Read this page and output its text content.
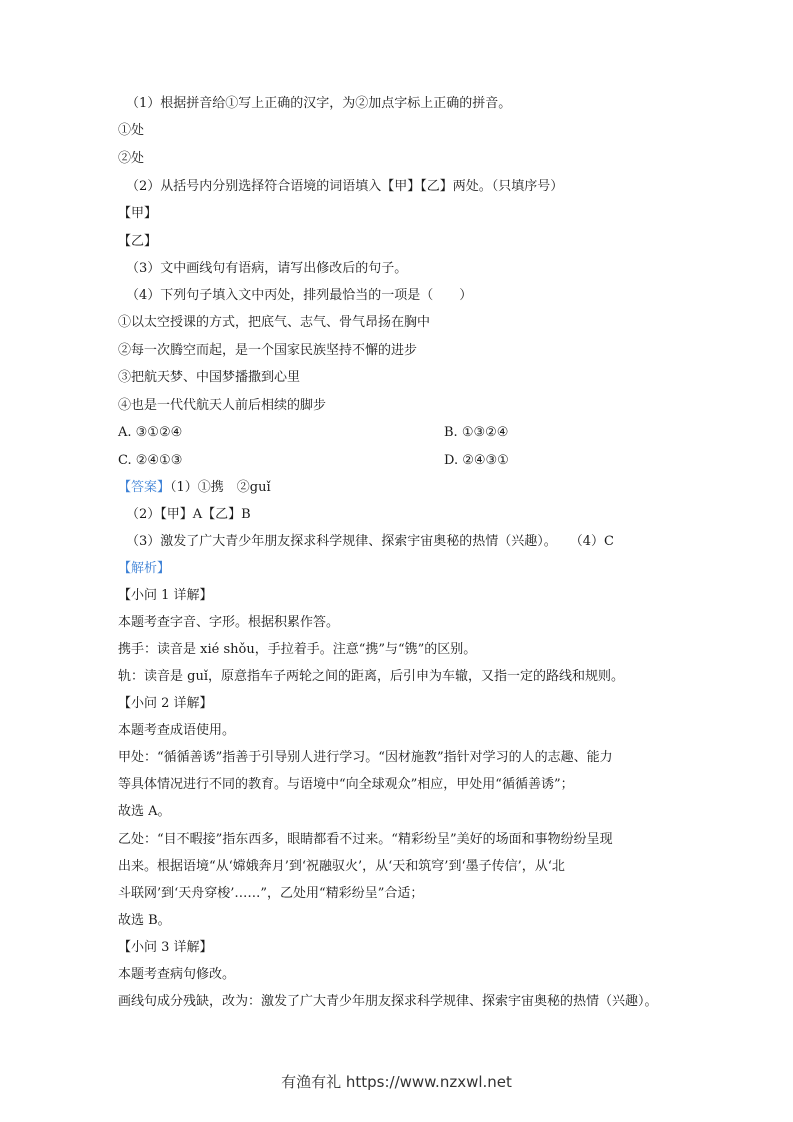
（1）根据拼音给①写上正确的汉字，为②加点字标上正确的拼音。
①处
②处
（2）从括号内分别选择符合语境的词语填入【甲】【乙】两处。（只填序号）
【甲】
【乙】
（3）文中画线句有语病，请写出修改后的句子。
（4）下列句子填入文中丙处，排列最恰当的一项是（　　）
①以太空授课的方式，把底气、志气、骨气昂扬在胸中
②每一次腾空而起，是一个国家民族坚持不懈的进步
③把航天梦、中国梦播撒到心里
④也是一代代航天人前后相续的脚步
A. ③①②④	B. ①③②④
C. ②④①③	D. ②④③①
【答案】（1）①携　②guǐ
（2）【甲】A【乙】B
（3）激发了广大青少年朋友探求科学规律、探索宇宙奥秘的热情（兴趣）。　　（4）C
【解析】
【小问 1 详解】
本题考查字音、字形。根据积累作答。
携手：读音是 xié shǒu，手拉着手。注意“携”与“镌”的区别。
轨：读音是 guǐ，原意指车子两轮之间的距离，后引申为车辙，又指一定的路线和规则。
【小问 2 详解】
本题考查成语使用。
甲处：“循循善诱”指善于引导别人进行学习。“因材施教”指针对学习的人的志趣、能力
等具体情况进行不同的教育。与语境中“向全球观众”相应，甲处用“循循善诱”；
故选 A。
乙处：“目不暇接”指东西多，眼睛都看不过来。“精彩纷呈”美好的场面和事物纷纷呈现
出来。根据语境“从‘嫦娥奔月’到‘祝融驭火’，从‘天和筑穹’到‘墨子传信’，从‘北
斗联网’到‘天舟穿梭’……”，乙处用“精彩纷呈”合适；
故选 B。
【小问 3 详解】
本题考查病句修改。
画线句成分残缺，改为：激发了广大青少年朋友探求科学规律、探索宇宙奥秘的热情（兴趣）。
有渔有礼 https://www.nzxwl.net
